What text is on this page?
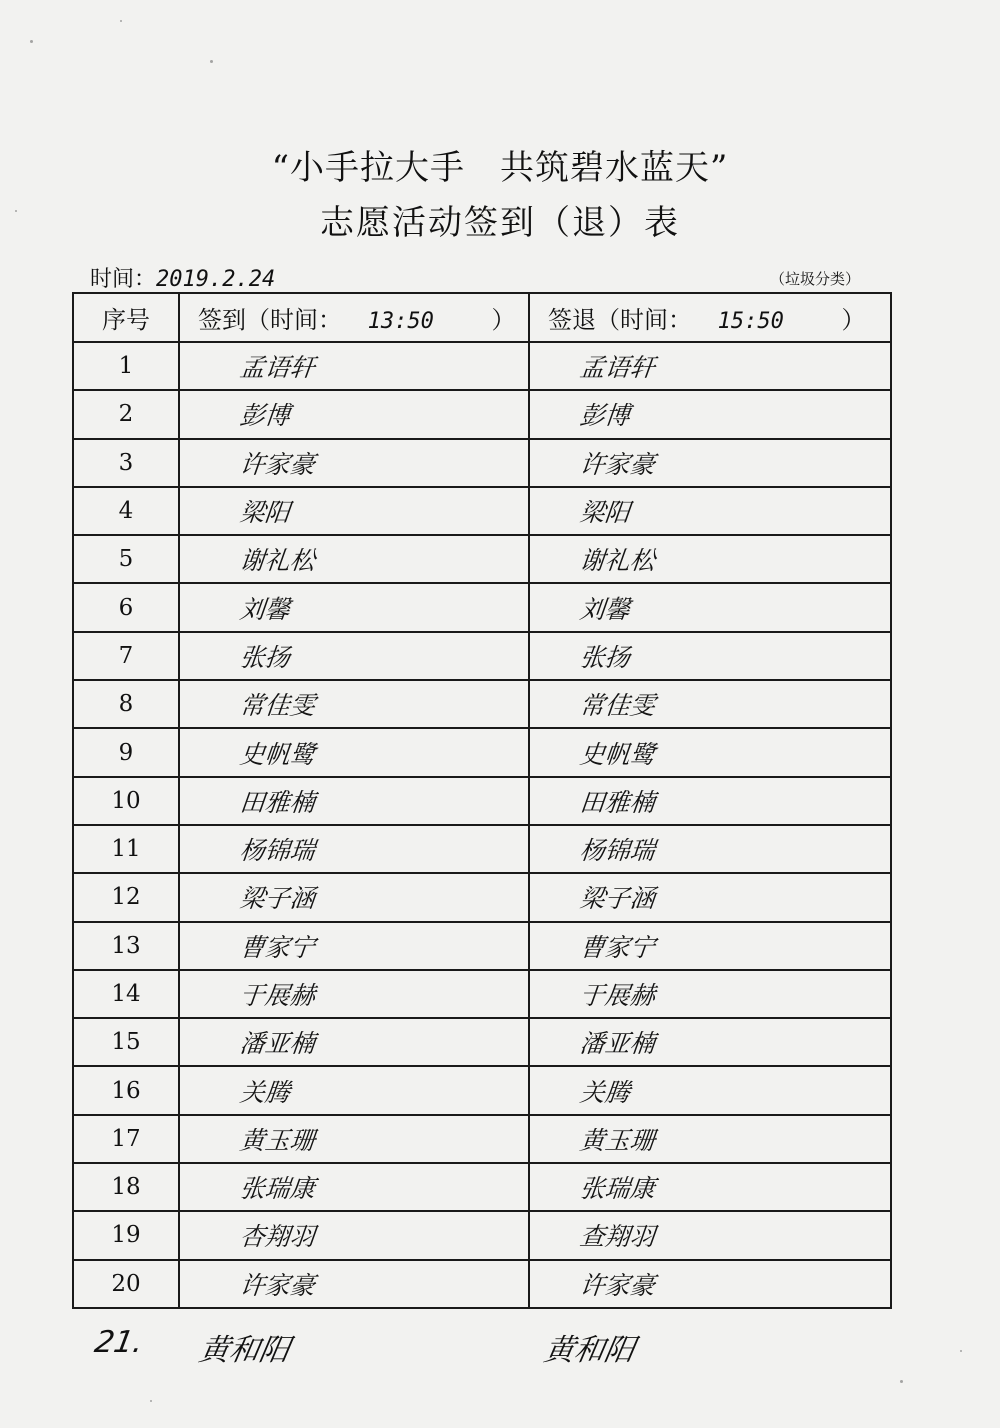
“小手拉大手　共筑碧水蓝天”
志愿活动签到（退）表
时间：2019.2.24	（垃圾分类）
序号	签到（时间： 13:50 ）	签退（时间： 15:50 ）
1	孟语轩	孟语轩
2	彭博	彭博
3	许家豪	许家豪
4	梁阳	梁阳
5	谢礼松	谢礼松
6	刘馨	刘馨
7	张扬	张扬
8	常佳雯	常佳雯
9	史帆鹭	史帆鹭
10	田雅楠	田雅楠
11	杨锦瑞	杨锦瑞
12	梁子涵	梁子涵
13	曹家宁	曹家宁
14	于展赫	于展赫
15	潘亚楠	潘亚楠
16	关腾	关腾
17	黄玉珊	黄玉珊
18	张瑞康	张瑞康
19	杏翔羽	查翔羽
20	许家豪	许家豪
21. 黄和阳	黄和阳
